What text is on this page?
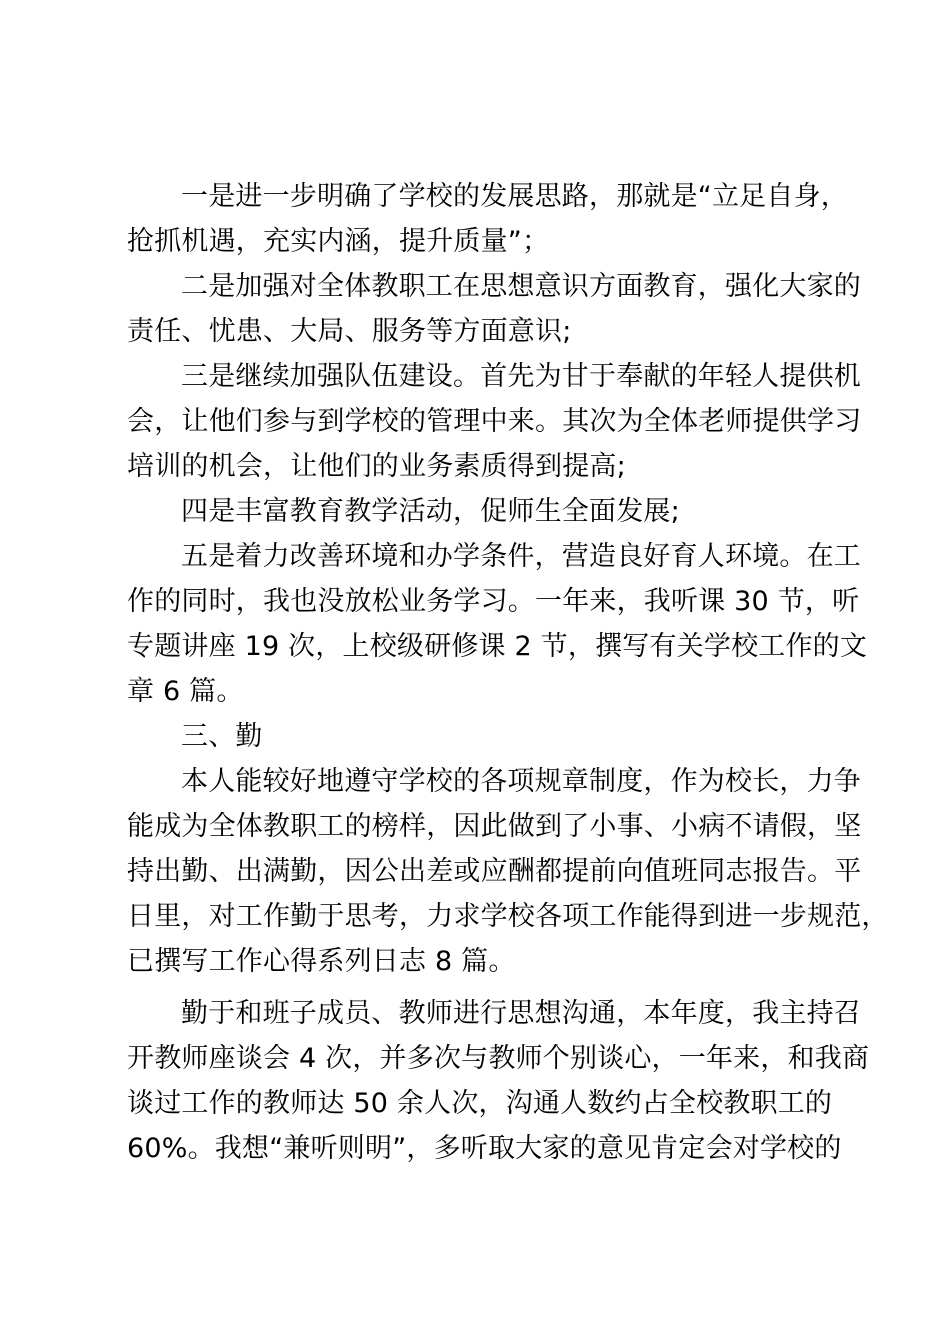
一是进一步明确了学校的发展思路，那就是“立足自身，
抢抓机遇，充实内涵，提升质量”；
二是加强对全体教职工在思想意识方面教育，强化大家的
责任、忧患、大局、服务等方面意识;
三是继续加强队伍建设。首先为甘于奉献的年轻人提供机
会，让他们参与到学校的管理中来。其次为全体老师提供学习
培训的机会，让他们的业务素质得到提高;
四是丰富教育教学活动，促师生全面发展;
五是着力改善环境和办学条件，营造良好育人环境。在工
作的同时，我也没放松业务学习。一年来，我听课 30 节，听
专题讲座 19 次，上校级研修课 2 节，撰写有关学校工作的文
章 6 篇。
三、勤
本人能较好地遵守学校的各项规章制度，作为校长，力争
能成为全体教职工的榜样，因此做到了小事、小病不请假，坚
持出勤、出满勤，因公出差或应酬都提前向值班同志报告。平
日里，对工作勤于思考，力求学校各项工作能得到进一步规范，
已撰写工作心得系列日志 8 篇。
勤于和班子成员、教师进行思想沟通，本年度，我主持召
开教师座谈会 4 次，并多次与教师个别谈心，一年来，和我商
谈过工作的教师达 50 余人次，沟通人数约占全校教职工的
60%。我想“兼听则明”，多听取大家的意见肯定会对学校的
